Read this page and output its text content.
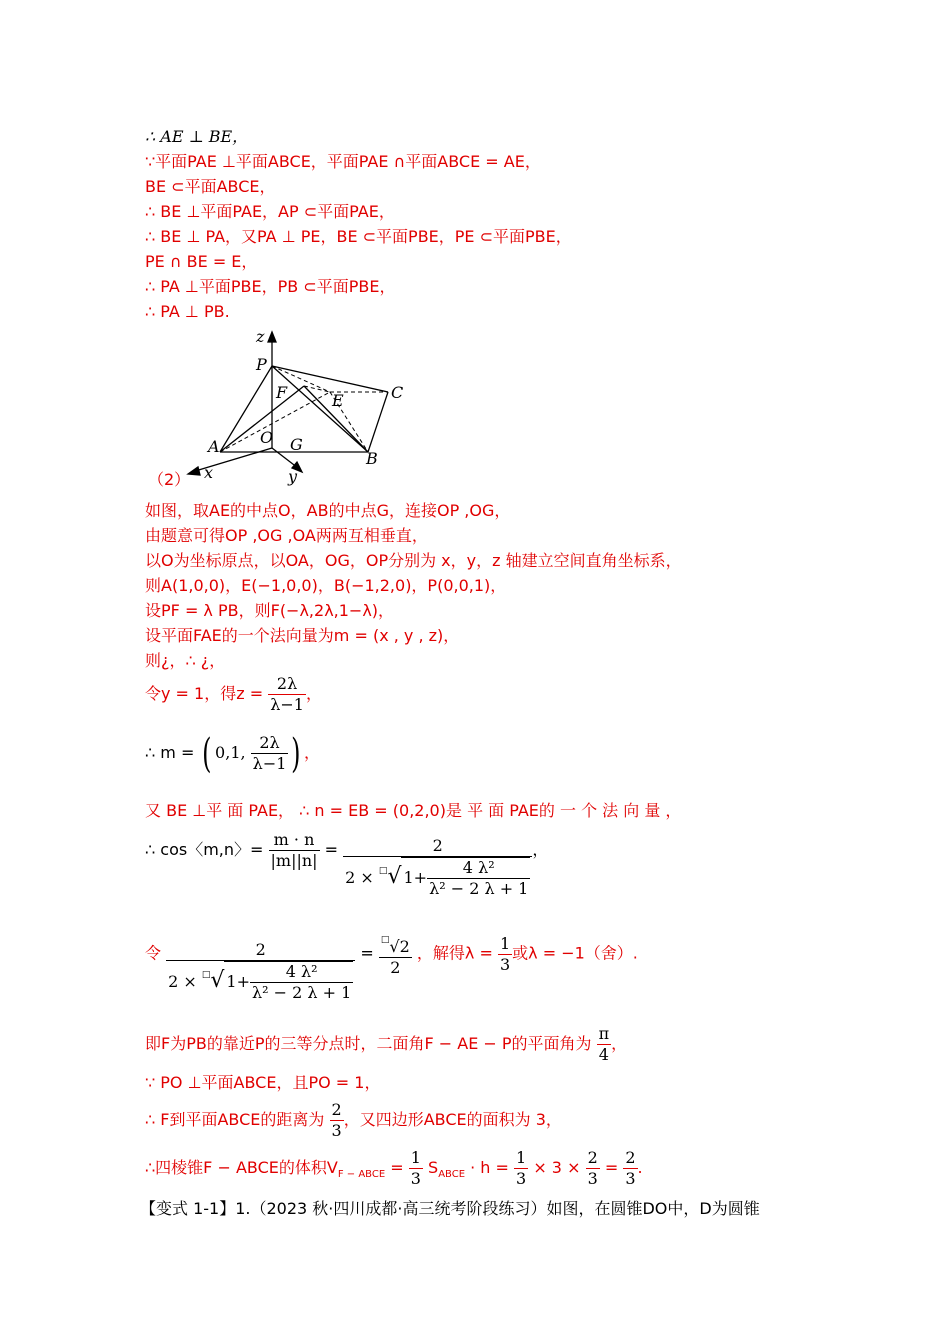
∴ AE ⊥ BE，
∵平面PAE ⊥平面ABCE，平面PAE ∩平面ABCE = AE，
BE ⊂平面ABCE，
∴ BE ⊥平面PAE，AP ⊂平面PAE，
∴ BE ⊥ PA，又PA ⊥ PE，BE ⊂平面PBE，PE ⊂平面PBE，
PE ∩ BE = E，
∴ PA ⊥平面PBE，PB ⊂平面PBE，
∴ PA ⊥ PB.
z
P
C
F	E
A	O G
B
x	y
（2）
如图，取AE的中点O，AB的中点G，连接OP ,OG，
由题意可得OP ,OG ,OA两两互相垂直，
以O为坐标原点，以OA，OG，OP分别为 x，y，z 轴建立空间直角坐标系，
则A(1,0,0)，E(−1,0,0)，B(−1,2,0)，P(0,0,1)，
设PF = λ PB，则F(−λ,2λ,1−λ)，
设平面FAE的一个法向量为m = (x , y , z)，
则¿，∴ ¿，
令y = 1，得$z = \frac{2\lambda}{\lambda-1}$ ，
∴ m = ( 0,1, $\frac{2\lambda}{\lambda-1}$ ) ，
又 BE ⊥平 面 PAE， ∴ n = EB = (0,2,0)是 平 面 PAE的 一 个 法 向 量 ，
∴ cos〈m,n〉= $\frac{m \cdot n}{|m||n|} = \frac{2}{2 \times ^□√ 1+ \frac{\text{4 λ²}}{\text{λ² − 2 λ + 1}}}$ ，
令 $\frac{2}{2 \times ^□√ 1+ \frac{\text{4 λ²}}{\text{λ² − 2 λ + 1}}} = \frac{^□√2}{2}$ ，解得$\lambda = \frac{1}{3}$ 或λ = −1（舍）.
即F为PB的靠近P的三等分点时，二面角F − AE − P的平面角为 $\frac{\pi}{4}$ ，
∵ PO ⊥平面ABCE，且PO = 1，
∴ F到平面ABCE的距离为 $\frac{2}{3}$ ，又四边形ABCE的面积为 3，
∴四棱锥F − ABCE的体积$V_{F - ABCE} = \frac{1}{3} S_{ABCE} \cdot h = \frac{1}{3} \times 3 \times \frac{2}{3} = \frac{2}{3}$ .
【变式 1-1】1.（2023 秋·四川成都·高三统考阶段练习）如图，在圆锥DO中，D为圆锥
